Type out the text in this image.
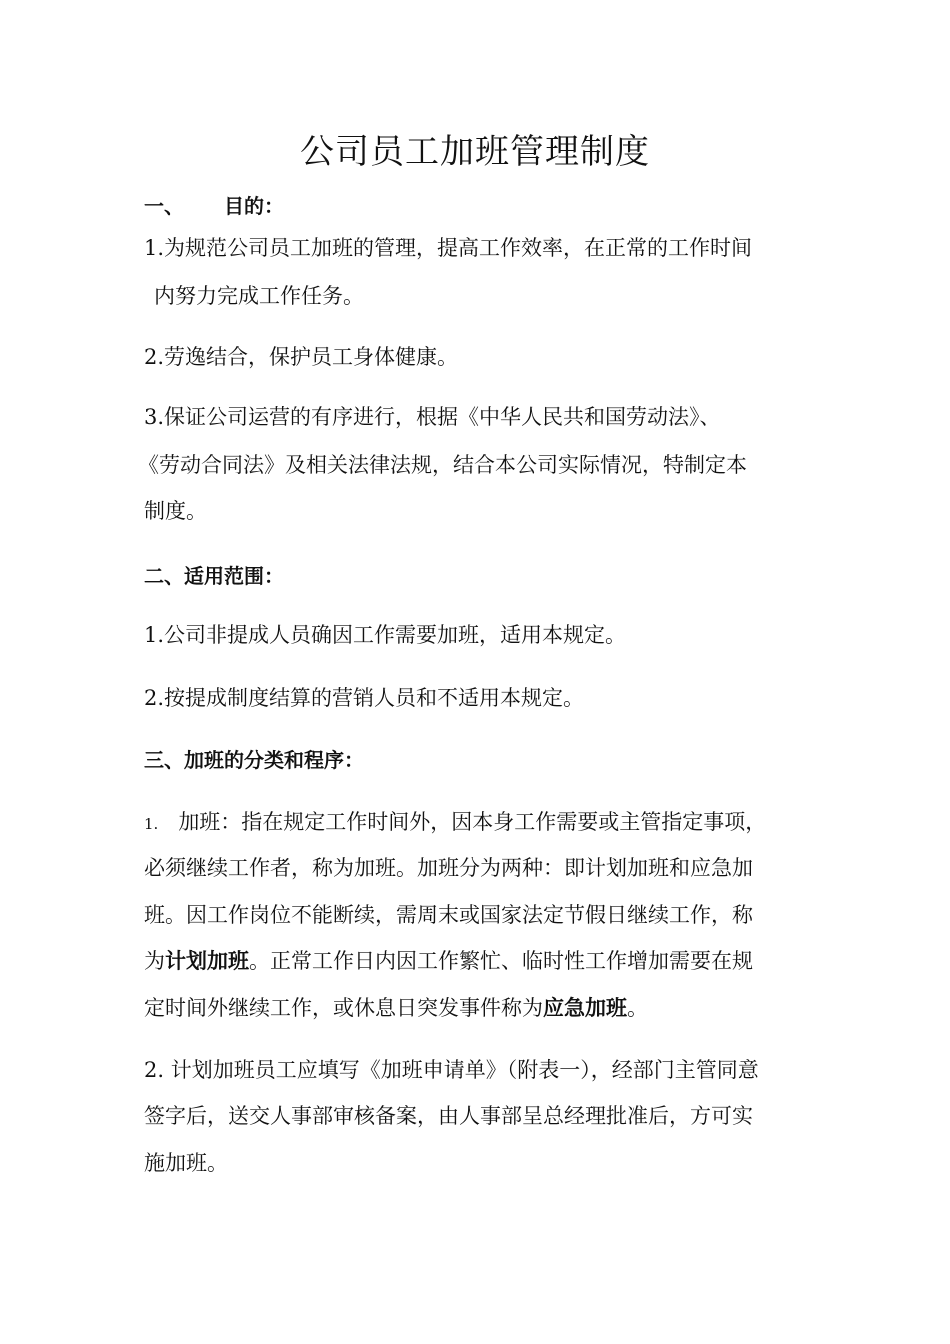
公司员工加班管理制度
一、 目的：
1.为规范公司员工加班的管理，提高工作效率，在正常的工作时间
内努力完成工作任务。
2.劳逸结合，保护员工身体健康。
3.保证公司运营的有序进行，根据《中华人民共和国劳动法》、
《劳动合同法》及相关法律法规，结合本公司实际情况，特制定本
制度。
二、适用范围：
1.公司非提成人员确因工作需要加班，适用本规定。
2.按提成制度结算的营销人员和不适用本规定。
三、加班的分类和程序：
1. 加班：指在规定工作时间外，因本身工作需要或主管指定事项，
必须继续工作者，称为加班。加班分为两种：即计划加班和应急加
班。因工作岗位不能断续，需周末或国家法定节假日继续工作，称
为计划加班。正常工作日内因工作繁忙、临时性工作增加需要在规
定时间外继续工作，或休息日突发事件称为应急加班。
2. 计划加班员工应填写《加班申请单》（附表一），经部门主管同意
签字后，送交人事部审核备案，由人事部呈总经理批准后，方可实
施加班。
